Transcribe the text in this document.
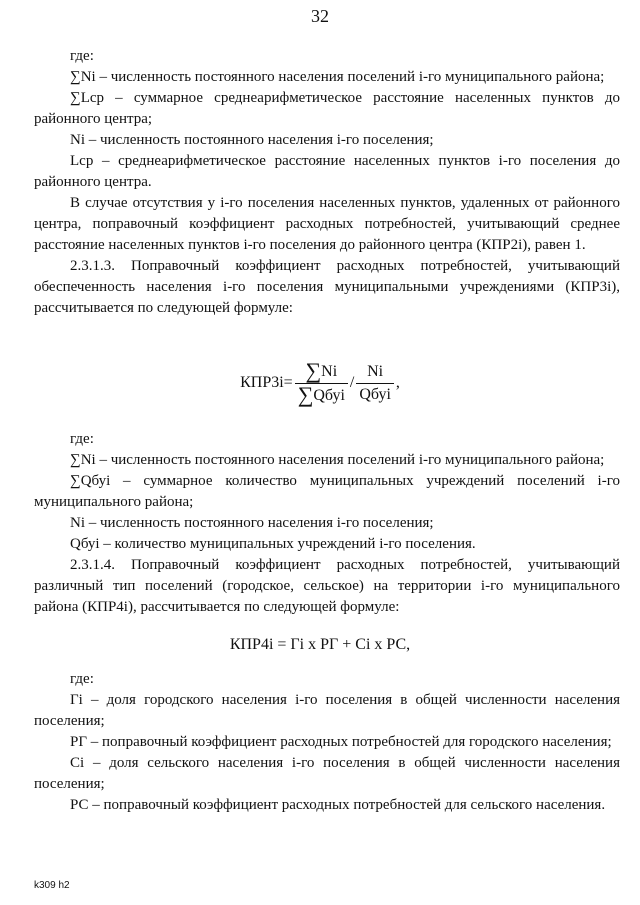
32

где:

∑Ni – численность постоянного населения поселений i-го муниципального района;

∑Lср – суммарное среднеарифметическое расстояние населенных пунктов до районного центра;

Ni – численность постоянного населения i-го поселения;

Lср – среднеарифметическое расстояние населенных пунктов i-го поселения до районного центра.

В случае отсутствия у i-го поселения населенных пунктов, удаленных от районного центра, поправочный коэффициент расходных потребностей, учитывающий среднее расстояние населенных пунктов i-го поселения до районного центра (КПР2i), равен 1.

2.3.1.3. Поправочный коэффициент расходных потребностей, учитывающий обеспеченность населения i-го поселения муниципальными учреждениями (КПР3i), рассчитывается по следующей формуле:

$КПР3i= \frac{\sum Ni}{\text{∑Qбуi}} / \frac{Ni}{\text{Qбуi}}$ ,

где:

∑Ni – численность постоянного населения поселений i-го муниципального района;

∑Qбуi – суммарное количество муниципальных учреждений поселений i-го муниципального района;

Ni – численность постоянного населения i-го поселения;

Qбуi – количество муниципальных учреждений i-го поселения.

2.3.1.4. Поправочный коэффициент расходных потребностей, учитывающий различный тип поселений (городское, сельское) на территории i-го муниципального района (КПР4i), рассчитывается по следующей формуле:

КПР4i = Гi х РГ + Ci х РС,

где:

Гi – доля городского населения i-го поселения в общей численности населения поселения;

РГ – поправочный коэффициент расходных потребностей для городского населения;

Ci – доля сельского населения i-го поселения в общей численности населения поселения;

РС – поправочный коэффициент расходных потребностей для сельского населения.

k309 h2
